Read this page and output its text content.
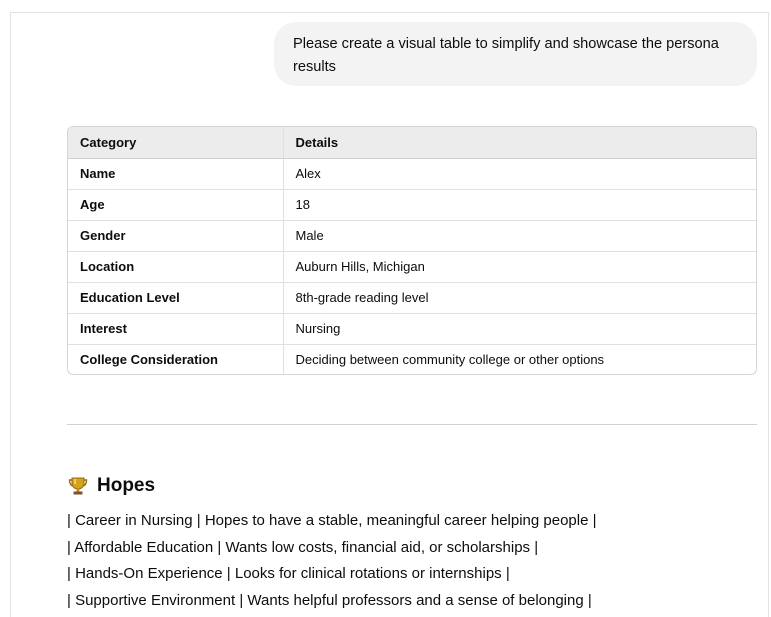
Please create a visual table to simplify and showcase the persona results
Category	Details
Name	Alex
Age	18
Gender	Male
Location	Auburn Hills, Michigan
Education Level	8th-grade reading level
Interest	Nursing
College Consideration	Deciding between community college or other options
Hopes
| Career in Nursing | Hopes to have a stable, meaningful career helping people |
| Affordable Education | Wants low costs, financial aid, or scholarships |
| Hands-On Experience | Looks for clinical rotations or internships |
| Supportive Environment | Wants helpful professors and a sense of belonging |
